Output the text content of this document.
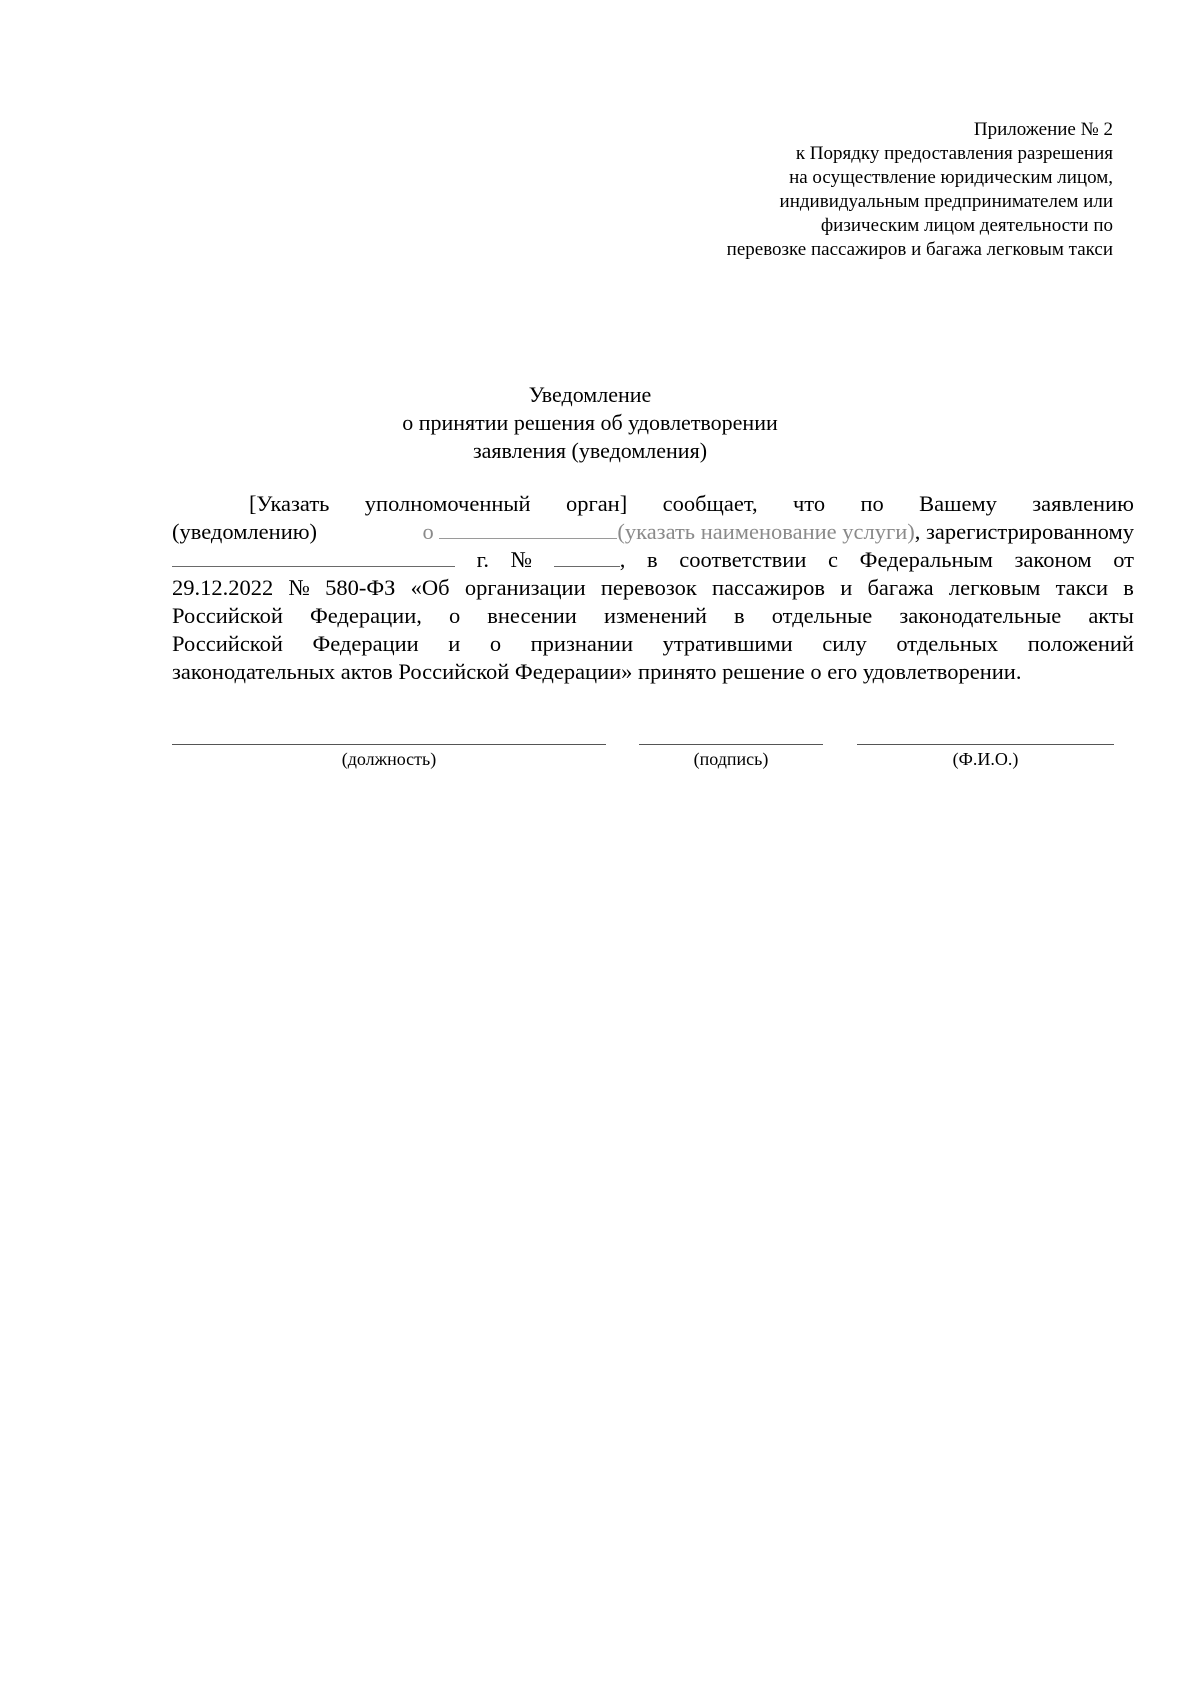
Приложение № 2
к Порядку предоставления разрешения
на осуществление юридическим лицом,
индивидуальным предпринимателем или
физическим лицом деятельности по
перевозке пассажиров и багажа легковым такси
Уведомление
о принятии решения об удовлетворении
заявления (уведомления)
[Указать уполномоченный орган] сообщает, что по Вашему заявлению
(уведомлению)	о	(указать наименование услуги), зарегистрированному
г. №	, в соответствии с Федеральным законом от
29.12.2022 № 580-ФЗ «Об организации перевозок пассажиров и багажа легковым такси в
Российской Федерации, о внесении изменений в отдельные законодательные акты
Российской Федерации и о признании утратившими силу отдельных положений
законодательных актов Российской Федерации» принято решение о его удовлетворении.
(должность)	(подпись)	(Ф.И.О.)
